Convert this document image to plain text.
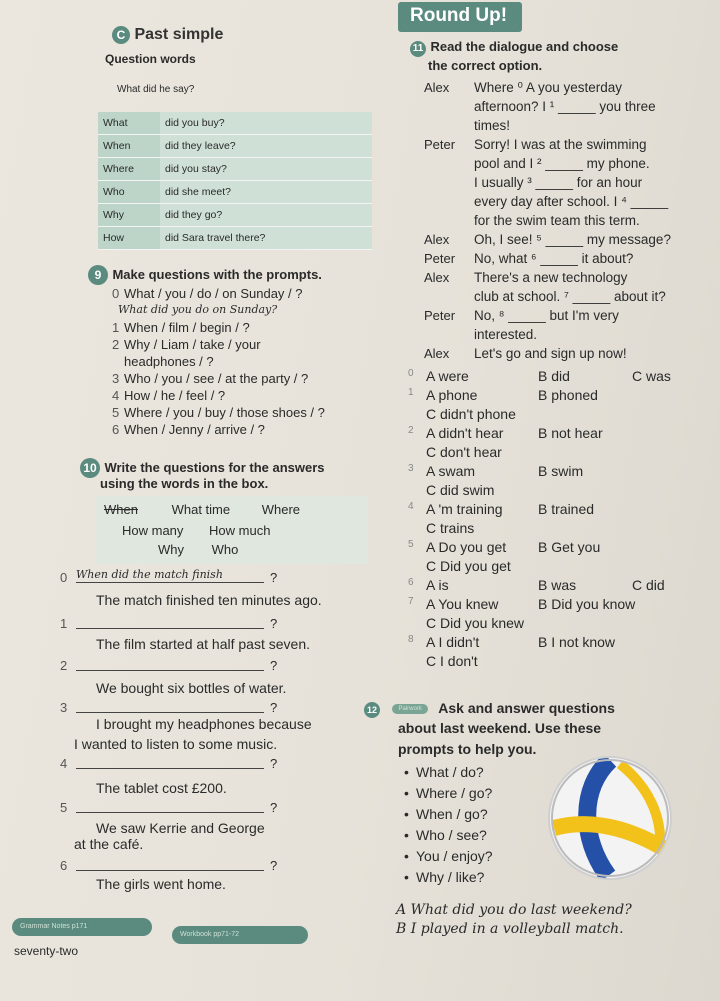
Round Up!
C Past simple
Question words
What did he say?
What	did you buy?
When	did they leave?
Where	did you stay?
Who	did she meet?
Why	did they go?
How	did Sara travel there?
9 Make questions with the prompts.
0 What / you / do / on Sunday / ?
What did you do on Sunday?
1 When / film / begin / ?
2 Why / Liam / take / your
headphones / ?
3 Who / you / see / at the party / ?
4 How / he / feel / ?
5 Where / you / buy / those shoes / ?
6 When / Jenny / arrive / ?
10 Write the questions for the answers
using the words in the box.
When	What time Where
How many How much
Why Who
0 When did the match finish	?
The match finished ten minutes ago.
1	?
The film started at half past seven.
2	?
We bought six bottles of water.
3	?
I brought my headphones because
I wanted to listen to some music.
4	?
The tablet cost £200.
5	?
We saw Kerrie and George
at the café.
6	?
The girls went home.
Grammar Notes p171
Workbook pp71-72
seventy-two
11 Read the dialogue and choose
the correct option.
Alex Where ⁰ A you yesterday
afternoon? I ¹ _____ you three
times!
Peter Sorry! I was at the swimming
pool and I ² _____ my phone.
I usually ³ _____ for an hour
every day after school. I ⁴ _____
for the swim team this term.
Alex Oh, I see! ⁵ _____ my message?
Peter No, what ⁶ _____ it about?
Alex There's a new technology
club at school. ⁷ _____ about it?
Peter No, ⁸ _____ but I'm very
interested.
Alex Let's go and sign up now!
0 A were	B did	C was
1 A phone	B phoned
C didn't phone
2 A didn't hear B not hear
C don't hear
3 A swam	B swim
C did swim
4 A 'm training	B trained
C trains
5 A Do you get B Get you
C Did you get
6 A is	B was	C did
7 A You knew	B Did you know
C Did you knew
8 A I didn't	B I not know
C I don't
12	Pairwork Ask and answer questions
about last weekend. Use these
prompts to help you.
• What / do?
• Where / go?
• When / go?
• Who / see?
• You / enjoy?
• Why / like?
A What did you do last weekend?
B I played in a volleyball match.
